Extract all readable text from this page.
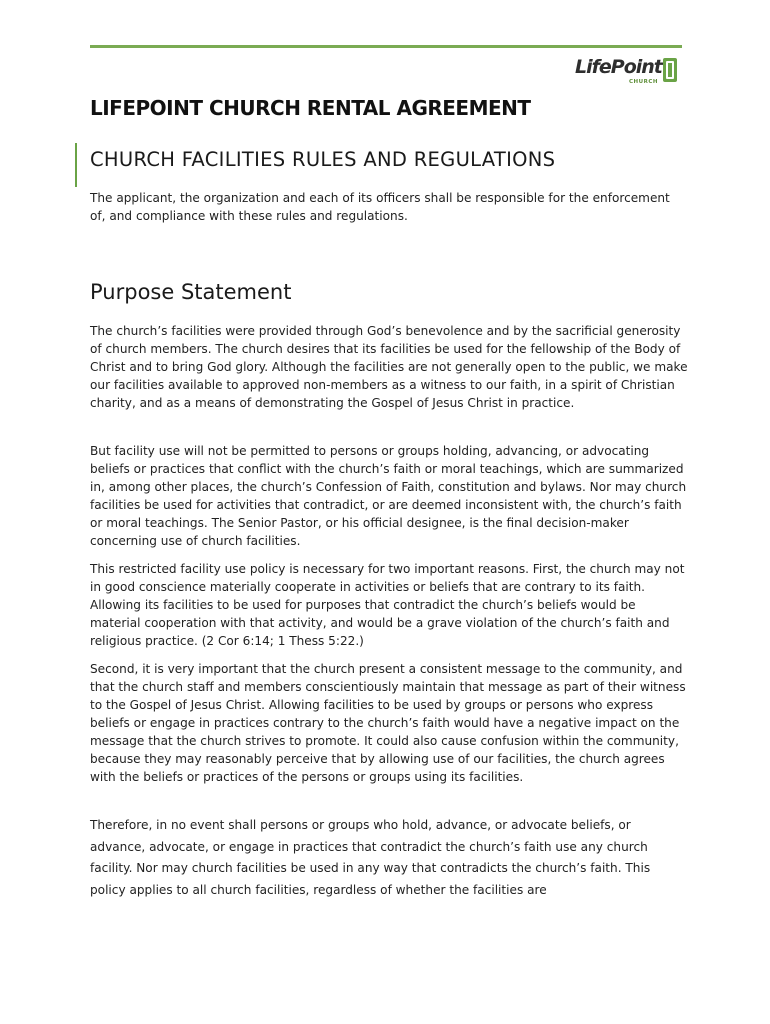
LifePoint
CHURCH
LIFEPOINT CHURCH RENTAL AGREEMENT
CHURCH FACILITIES RULES AND REGULATIONS

The applicant, the organization and each of its officers shall be responsible for the enforcement of, and compliance with these rules and regulations.

Purpose Statement

The church’s facilities were provided through God’s benevolence and by the sacrificial generosity of church members. The church desires that its facilities be used for the fellowship of the Body of Christ and to bring God glory. Although the facilities are not generally open to the public, we make our facilities available to approved non-members as a witness to our faith, in a spirit of Christian charity, and as a means of demonstrating the Gospel of Jesus Christ in practice.

But facility use will not be permitted to persons or groups holding, advancing, or advocating beliefs or practices that conflict with the church’s faith or moral teachings, which are summarized in, among other places, the church’s Confession of Faith, constitution and bylaws. Nor may church facilities be used for activities that contradict, or are deemed inconsistent with, the church’s faith or moral teachings. The Senior Pastor, or his official designee, is the final decision-maker concerning use of church facilities.

This restricted facility use policy is necessary for two important reasons. First, the church may not in good conscience materially cooperate in activities or beliefs that are contrary to its faith. Allowing its facilities to be used for purposes that contradict the church’s beliefs would be material cooperation with that activity, and would be a grave violation of the church’s faith and religious practice. (2 Cor 6:14; 1 Thess 5:22.)

Second, it is very important that the church present a consistent message to the community, and that the church staff and members conscientiously maintain that message as part of their witness to the Gospel of Jesus Christ. Allowing facilities to be used by groups or persons who express beliefs or engage in practices contrary to the church’s faith would have a negative impact on the message that the church strives to promote. It could also cause confusion within the community, because they may reasonably perceive that by allowing use of our facilities, the church agrees with the beliefs or practices of the persons or groups using its facilities.

Therefore, in no event shall persons or groups who hold, advance, or advocate beliefs, or advance, advocate, or engage in practices that contradict the church’s faith use any church facility. Nor may church facilities be used in any way that contradicts the church’s faith. This policy applies to all church facilities, regardless of whether the facilities are
